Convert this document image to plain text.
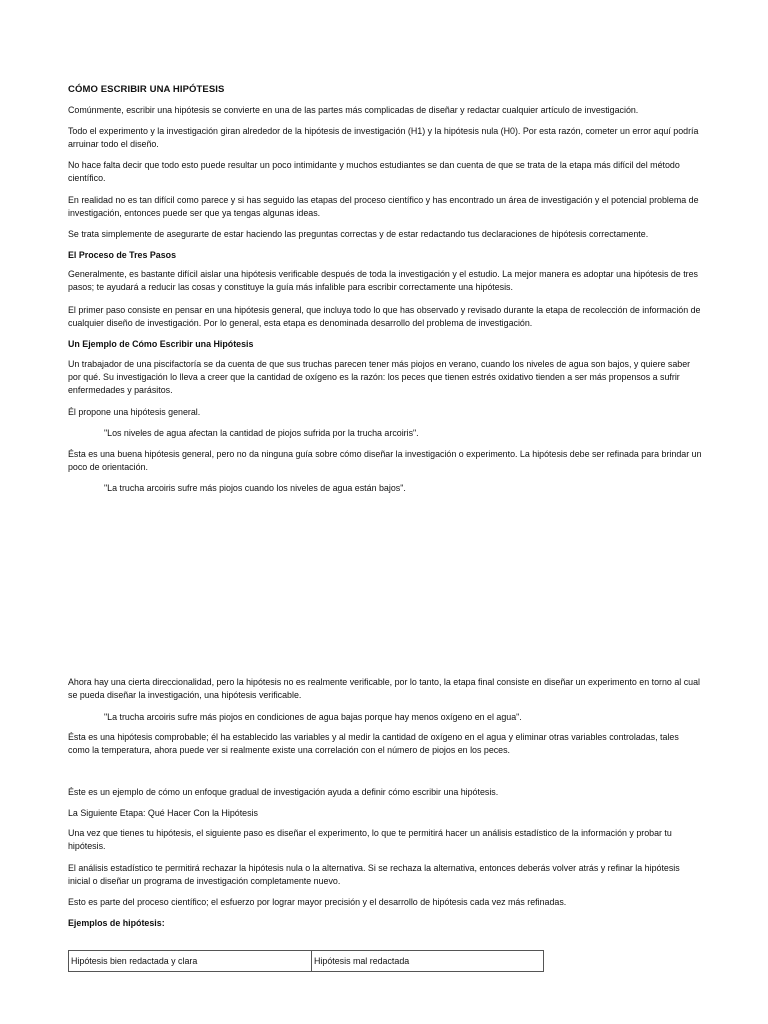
CÓMO ESCRIBIR UNA HIPÓTESIS
Comúnmente, escribir una hipótesis se convierte en una de las partes más complicadas de diseñar y redactar cualquier artículo de investigación.
Todo el experimento y la investigación giran alrededor de la hipótesis de investigación (H1) y la hipótesis nula (H0). Por esta razón, cometer un error aquí podría arruinar todo el diseño.
No hace falta decir que todo esto puede resultar un poco intimidante y muchos estudiantes se dan cuenta de que se trata de la etapa más difícil del método científico.
En realidad no es tan difícil como parece y si has seguido las etapas del proceso científico y has encontrado un área de investigación y el potencial problema de investigación, entonces puede ser que ya tengas algunas ideas.
Se trata simplemente de asegurarte de estar haciendo las preguntas correctas y de estar redactando tus declaraciones de hipótesis correctamente.
El Proceso de Tres Pasos
Generalmente, es bastante difícil aislar una hipótesis verificable después de toda la investigación y el estudio. La mejor manera es adoptar una hipótesis de tres pasos; te ayudará a reducir las cosas y constituye la guía más infalible para escribir correctamente una hipótesis.
El primer paso consiste en pensar en una hipótesis general, que incluya todo lo que has observado y revisado durante la etapa de recolección de información de cualquier diseño de investigación. Por lo general, esta etapa es denominada desarrollo del problema de investigación.
Un Ejemplo de Cómo Escribir una Hipótesis
Un trabajador de una piscifactoría se da cuenta de que sus truchas parecen tener más piojos en verano, cuando los niveles de agua son bajos, y quiere saber por qué. Su investigación lo lleva a creer que la cantidad de oxígeno es la razón: los peces que tienen estrés oxidativo tienden a ser más propensos a sufrir enfermedades y parásitos.
Él propone una hipótesis general.
"Los niveles de agua afectan la cantidad de piojos sufrida por la trucha arcoiris".
Ésta es una buena hipótesis general, pero no da ninguna guía sobre cómo diseñar la investigación o experimento. La hipótesis debe ser refinada para brindar un poco de orientación.
"La trucha arcoiris sufre más piojos cuando los niveles de agua están bajos".
Ahora hay una cierta direccionalidad, pero la hipótesis no es realmente verificable, por lo tanto, la etapa final consiste en diseñar un experimento en torno al cual se pueda diseñar la investigación, una hipótesis verificable.
"La trucha arcoiris sufre más piojos en condiciones de agua bajas porque hay menos oxígeno en el agua".
Ésta es una hipótesis comprobable; él ha establecido las variables y al medir la cantidad de oxígeno en el agua y eliminar otras variables controladas, tales como la temperatura, ahora puede ver si realmente existe una correlación con el número de piojos en los peces.
Éste es un ejemplo de cómo un enfoque gradual de investigación ayuda a definir cómo escribir una hipótesis.
La Siguiente Etapa: Qué Hacer Con la Hipótesis
Una vez que tienes tu hipótesis, el siguiente paso es diseñar el experimento, lo que te permitirá hacer un análisis estadístico de la información y probar tu hipótesis.
El análisis estadístico te permitirá rechazar la hipótesis nula o la alternativa. Si se rechaza la alternativa, entonces deberás volver atrás y refinar la hipótesis inicial o diseñar un programa de investigación completamente nuevo.
Esto es parte del proceso científico; el esfuerzo por lograr mayor precisión y el desarrollo de hipótesis cada vez más refinadas.
Ejemplos de hipótesis:
Hipótesis bien redactada y clara	Hipótesis mal redactada
